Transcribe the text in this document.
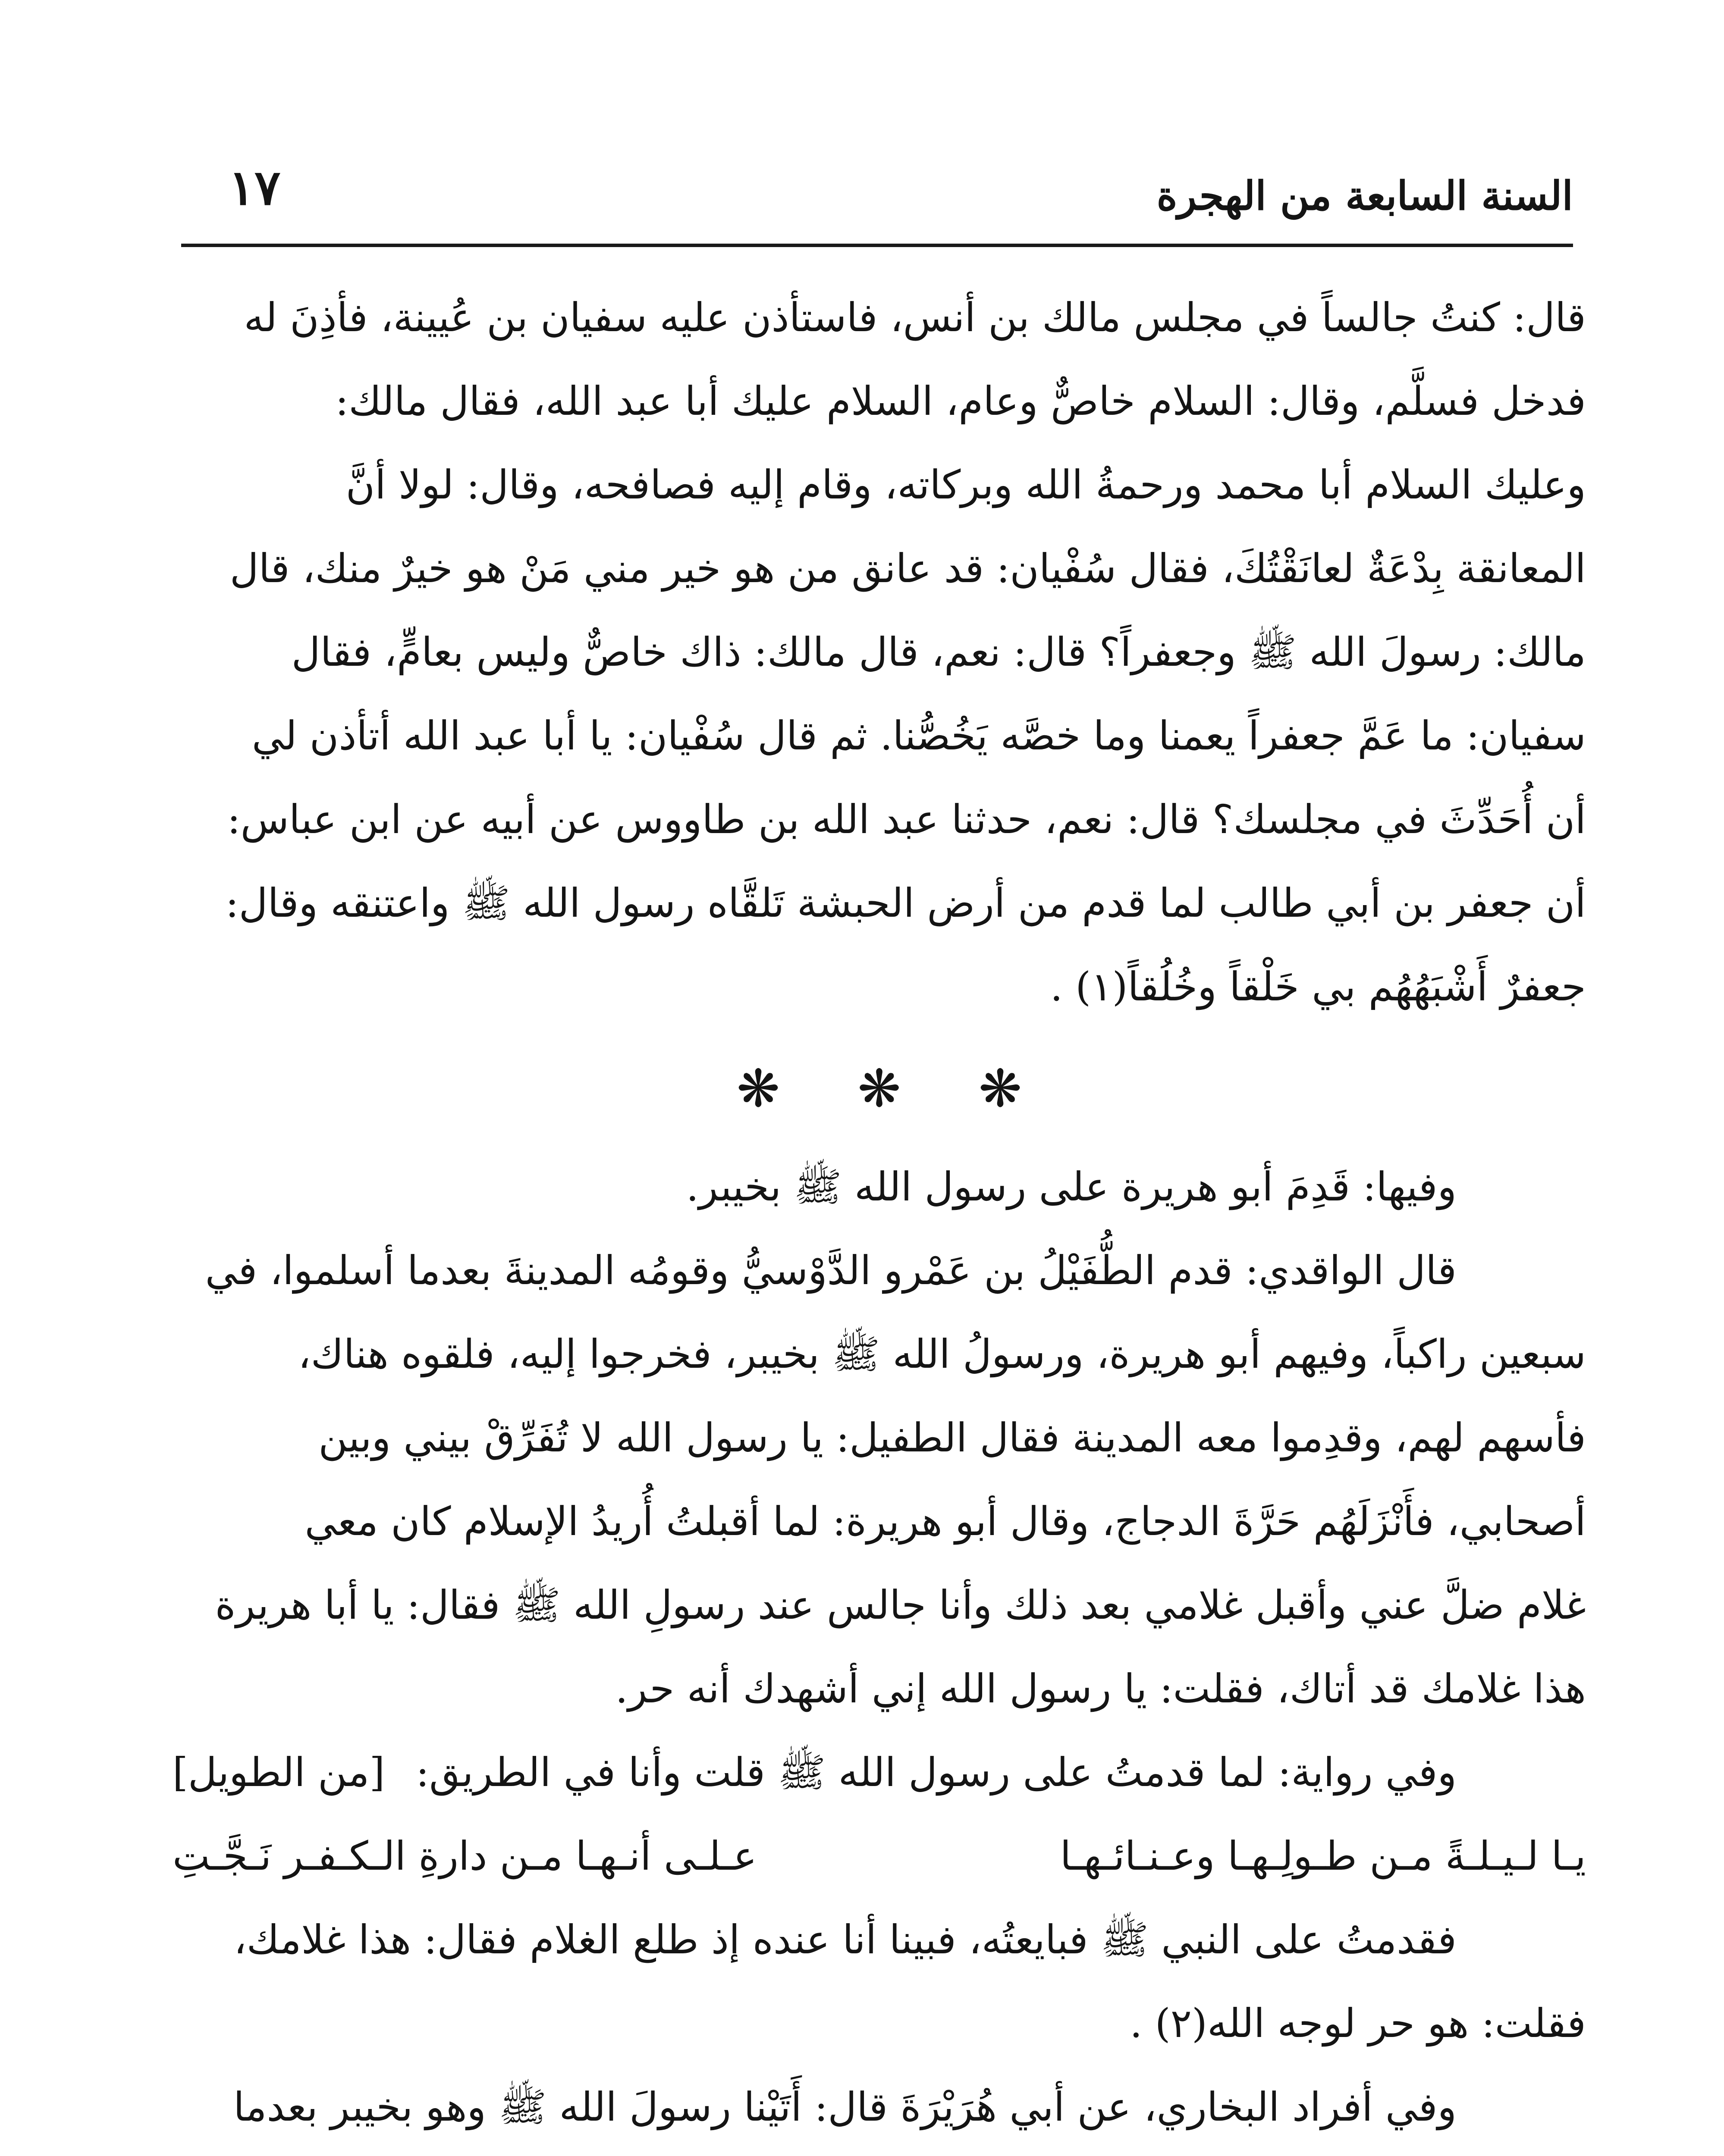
السنة السابعة من الهجرة
١٧
قال: كنتُ جالساً في مجلس مالك بن أنس، فاستأذن عليه سفيان بن عُيينة، فأذِنَ له
فدخل فسلَّم، وقال: السلام خاصٌّ وعام، السلام عليك أبا عبد الله، فقال مالك:
وعليك السلام أبا محمد ورحمةُ الله وبركاته، وقام إليه فصافحه، وقال: لولا أنَّ
المعانقة بِدْعَةٌ لعانَقْتُكَ، فقال سُفْيان: قد عانق من هو خير مني مَنْ هو خيرٌ منك، قال
مالك: رسولَ الله ﷺ وجعفراً؟ قال: نعم، قال مالك: ذاك خاصٌّ وليس بعامٍّ، فقال
سفيان: ما عَمَّ جعفراً يعمنا وما خصَّه يَخُصُّنا. ثم قال سُفْيان: يا أبا عبد الله أتأذن لي
أن أُحَدِّثَ في مجلسك؟ قال: نعم، حدثنا عبد الله بن طاووس عن أبيه عن ابن عباس:
أن جعفر بن أبي طالب لما قدم من أرض الحبشة تَلقَّاه رسول الله ﷺ واعتنقه وقال:
جعفرٌ أَشْبَهُهُم بي خَلْقاً وخُلُقاً(١) .
❋
❋
❋
وفيها: قَدِمَ أبو هريرة على رسول الله ﷺ بخيبر.
قال الواقدي: قدم الطُّفَيْلُ بن عَمْرو الدَّوْسيُّ وقومُه المدينةَ بعدما أسلموا، في
سبعين راكباً، وفيهم أبو هريرة، ورسولُ الله ﷺ بخيبر، فخرجوا إليه، فلقوه هناك،
فأسهم لهم، وقدِموا معه المدينة فقال الطفيل: يا رسول الله لا تُفَرِّقْ بيني وبين
أصحابي، فأَنْزَلَهُم حَرَّةَ الدجاج، وقال أبو هريرة: لما أقبلتُ أُريدُ الإسلام كان معي
غلام ضلَّ عني وأقبل غلامي بعد ذلك وأنا جالس عند رسولِ الله ﷺ فقال: يا أبا هريرة
هذا غلامك قد أتاك، فقلت: يا رسول الله إني أشهدك أنه حر.
وفي رواية: لما قدمتُ على رسول الله ﷺ قلت وأنا في الطريق:
[من الطويل]
يـا لـيـلـةً مـن طـولِـهـا وعـنـائـهـا
عـلـى أنـهـا مـن دارةِ الـكـفـر نَـجَّـتِ
فقدمتُ على النبي ﷺ فبايعتُه، فبينا أنا عنده إذ طلع الغلام فقال: هذا غلامك،
فقلت: هو حر لوجه الله(٢) .
وفي أفراد البخاري، عن أبي هُرَيْرَةَ قال: أَتَيْنا رسولَ الله ﷺ وهو بخيبر بعدما
